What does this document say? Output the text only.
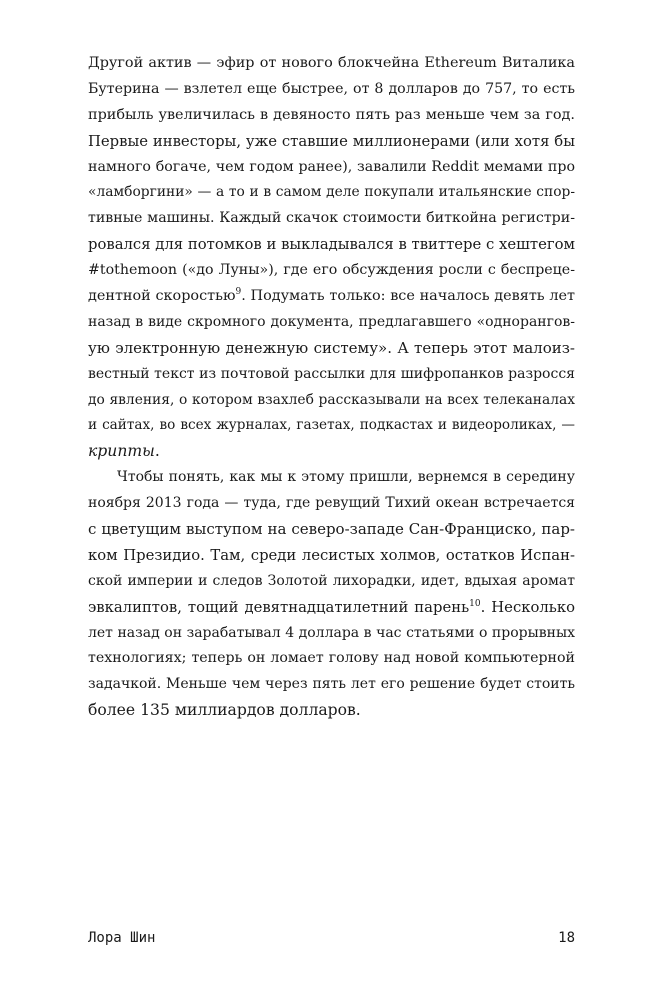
Другой актив — эфир от нового блокчейна Ethereum Виталика
Бутерина — взлетел еще быстрее, от 8 долларов до 757, то есть
прибыль увеличилась в девяносто пять раз меньше чем за год.
Первые инвесторы, уже ставшие миллионерами (или хотя бы
намного богаче, чем годом ранее), завалили Reddit мемами про
«ламборгини» — а то и в самом деле покупали итальянские спор-
тивные машины. Каждый скачок стоимости биткойна регистри-
ровался для потомков и выкладывался в твиттере с хештегом
#tothemoon («до Луны»), где его обсуждения росли с беспреце-
дентной скоростью$^9$. Подумать только: все началось девять лет
назад в виде скромного документа, предлагавшего «однорангов-
ую электронную денежную систему». А теперь этот малоиз-
вестный текст из почтовой рассылки для шифропанков разросся
до явления, о котором взахлеб рассказывали на всех телеканалах
и сайтах, во всех журналах, газетах, подкастах и видеороликах, —
крипты.
Чтобы понять, как мы к этому пришли, вернемся в середину
ноября 2013 года — туда, где ревущий Тихий океан встречается
с цветущим выступом на северо-западе Сан-Франциско, пар-
ком Президио. Там, среди лесистых холмов, остатков Испан-
ской империи и следов Золотой лихорадки, идет, вдыхая аромат
эвкалиптов, тощий девятнадцатилетний парень$^{10}$. Несколько
лет назад он зарабатывал 4 доллара в час статьями о прорывных
технологиях; теперь он ломает голову над новой компьютерной
задачкой. Меньше чем через пять лет его решение будет стоить
более 135 миллиардов долларов.
Лора Шин	18
